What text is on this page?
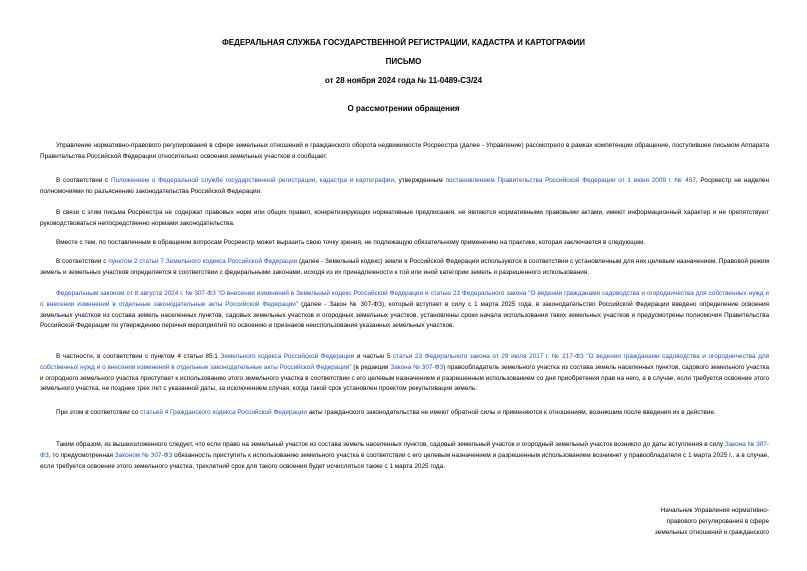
ФЕДЕРАЛЬНАЯ СЛУЖБА ГОСУДАРСТВЕННОЙ РЕГИСТРАЦИИ, КАДАСТРА И КАРТОГРАФИИ
ПИСЬМО
от 28 ноября 2024 года № 11-0489-СЗ/24
О рассмотрении обращения
Управление нормативно-правового регулирования в сфере земельных отношений и гражданского оборота недвижимости Росреестра (далее - Управление) рассмотрело в рамках компетенции обращение, поступившее письмом Аппарата Правительства Российской Федерации относительно освоения земельных участков и сообщает.
В соответствии с Положением о Федеральной службе государственной регистрации, кадастра и картографии, утвержденным постановлением Правительства Российской Федерации от 1 июня 2009 г. № 457, Росреестр не наделен полномочиями по разъяснению законодательства Российской Федерации.
В связи с этим письма Росреестра не содержат правовых норм или общих правил, конкретизирующих нормативные предписания, не являются нормативными правовыми актами, имеют информационный характер и не препятствуют руководствоваться непосредственно нормами законодательства.
Вместе с тем, по поставленным в обращении вопросам Росреестр может выразить свою точку зрения, не подлежащую обязательному применению на практике, которая заключается в следующем.
В соответствии с пунктом 2 статьи 7 Земельного кодекса Российской Федерации (далее - Земельный кодекс) земли в Российской Федерации используются в соответствии с установленным для них целевым назначением. Правовой режим земель и земельных участков определяется в соответствии с федеральными законами, исходя из их принадлежности к той или иной категории земель и разрешенного использования.
Федеральным законом от 8 августа 2024 г. № 307-ФЗ "О внесении изменений в Земельный кодекс Российской Федерации и статью 23 Федерального закона "О ведении гражданами садоводства и огородничества для собственных нужд и о внесении изменений в отдельные законодательные акты Российской Федерации" (далее - Закон № 307-ФЗ), который вступает в силу с 1 марта 2025 года, в законодательство Российской Федерации введено определение освоения земельных участков из состава земель населенных пунктов, садовых земельных участков и огородных земельных участков, установлены сроки начала использования таких земельных участков и предусмотрены полномочия Правительства Российской Федерации по утверждению перечня мероприятий по освоению и признаков неиспользования указанных земельных участков.
В частности, в соответствии с пунктом 4 статьи 85.1 Земельного кодекса Российской Федерации и частью 5 статьи 23 Федерального закона от 29 июля 2017 г. № 217-ФЗ "О ведении гражданами садоводства и огородничества для собственных нужд и о внесении изменений в отдельные законодательные акты Российской Федерации" (в редакции Закона № 307-ФЗ) правообладатель земельного участка из состава земель населенных пунктов, садового земельного участка и огородного земельного участка приступает к использованию этого земельного участка в соответствии с его целевым назначением и разрешенным использованием со дня приобретения прав на него, а в случае, если требуется освоение этого земельного участка, не позднее трех лет с указанной даты, за исключением случая, когда такой срок установлен проектом рекультивации земель.
При этом в соответствии со статьей 4 Гражданского кодекса Российской Федерации акты гражданского законодательства не имеют обратной силы и применяются к отношениям, возникшим после введения их в действие.
Таким образом, из вышеизложенного следует, что если право на земельный участок из состава земель населенных пунктов, садовый земельный участок и огородный земельный участок возникло до даты вступления в силу Закона № 307-ФЗ, то предусмотренная Законом № 307-ФЗ обязанность приступить к использованию земельного участка в соответствии с его целевым назначением и разрешенным использованием возникнет у правообладателя с 1 марта 2025 г., а в случае, если требуется освоение этого земельного участка, трехлетний срок для такого освоения будет исчисляться также с 1 марта 2025 года.
Начальник Управления нормативно-
правового регулирования в сфере
земельных отношений и гражданского
